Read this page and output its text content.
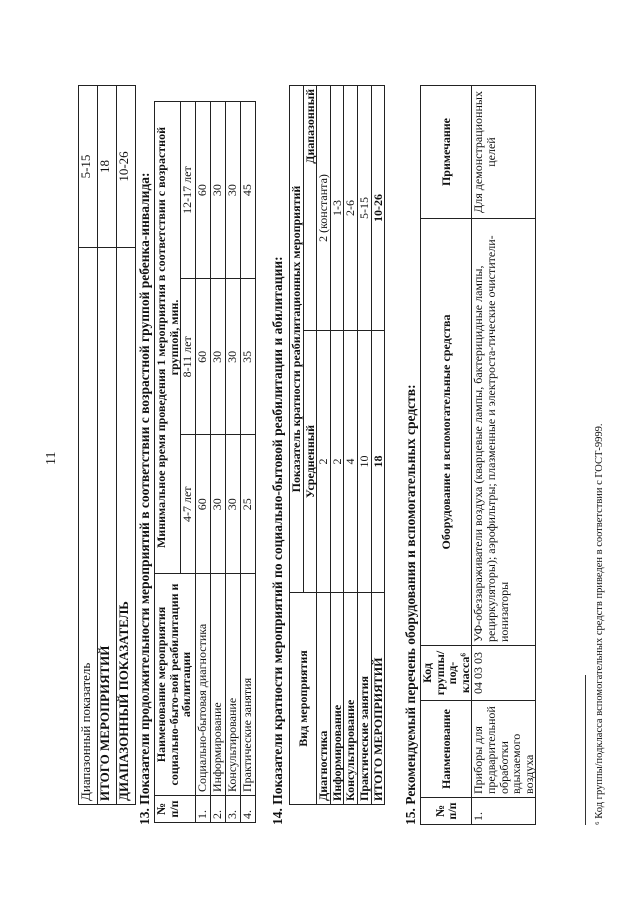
11
Диапазонный показатель	5-15
ИТОГО МЕРОПРИЯТИЙ	18
ДИАПАЗОННЫЙ ПОКАЗАТЕЛЬ	10-26
13. Показатели продолжительности мероприятий в соответствии с возрастной группой ребенка-инвалида: № п/п	Наименование мероприятия социально-быто-вой реабилитации и абилитации	Минимальное время проведения 1 мероприятия в соответствии с возрастной группой, мин.		
		4-7 лет	8-11 лет	12-17 лет
1.	Социально-бытовая диагностика	60	60	60
2.	Информирование	30	30	30
3.	Консультирование	30	30	30
4.	Практические занятия	25	35	45
14. Показатели кратности мероприятий по социально-бытовой реабилитации и абилитации: Вид мероприятия	Показатель кратности реабилитационных мероприятий	
	Усредненный	Диапазонный
Диагностика	2	2 (константа)
Информирование	2	1-3
Консультирование	4	2-6
Практические занятия	10	5-15
ИТОГО МЕРОПРИЯТИЙ	18	10-26
15. Рекомендуемый перечень оборудования и вспомогательных средств: № п/п	Наименование	Код группы/под-класса⁶	Оборудование и вспомогательные средства	Примечание
1.	Приборы для предварительной обработки вдыхаемого воздуха	04 03 03	УФ-обеззараживатели воздуха (кварцевые лампы, бактерицидные лампы, рециркуляторы); аэрофильтры; плазменные и электроста-тические очистители-ионизаторы	Для демонстрационных целей
⁶ Код группы/подкласса вспомогательных средств приведен в соответствии с ГОСТ-9999.
